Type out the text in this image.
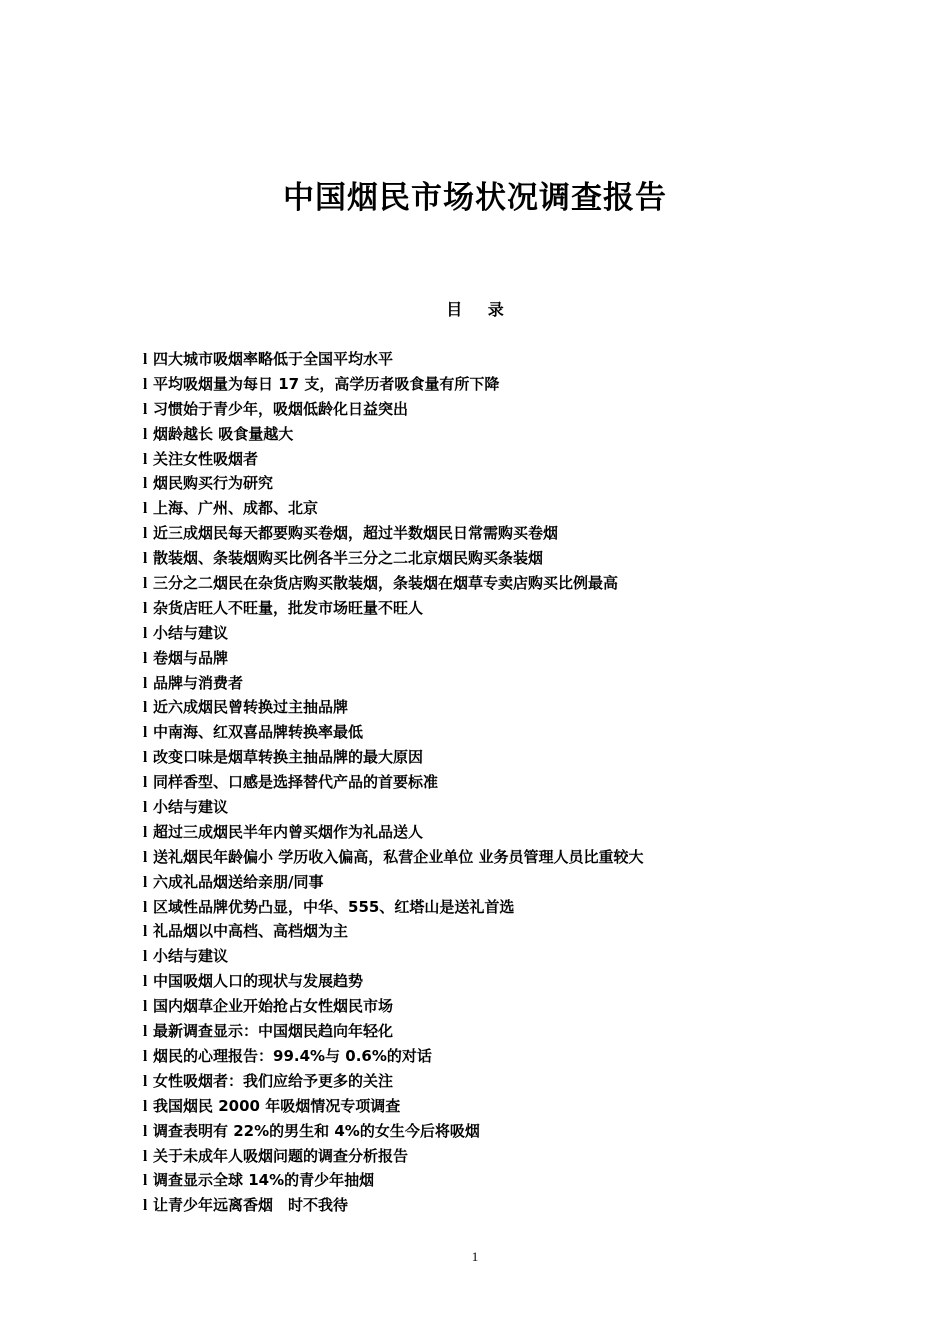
中国烟民市场状况调查报告
目 录
l 四大城市吸烟率略低于全国平均水平
l 平均吸烟量为每日 17 支，高学历者吸食量有所下降
l 习惯始于青少年，吸烟低龄化日益突出
l 烟龄越长 吸食量越大
l 关注女性吸烟者
l 烟民购买行为研究
l 上海、广州、成都、北京
l 近三成烟民每天都要购买卷烟，超过半数烟民日常需购买卷烟
l 散装烟、条装烟购买比例各半三分之二北京烟民购买条装烟
l 三分之二烟民在杂货店购买散装烟，条装烟在烟草专卖店购买比例最高
l 杂货店旺人不旺量，批发市场旺量不旺人
l 小结与建议
l 卷烟与品牌
l 品牌与消费者
l 近六成烟民曾转换过主抽品牌
l 中南海、红双喜品牌转换率最低
l 改变口味是烟草转换主抽品牌的最大原因
l 同样香型、口感是选择替代产品的首要标准
l 小结与建议
l 超过三成烟民半年内曾买烟作为礼品送人
l 送礼烟民年龄偏小 学历收入偏高，私营企业单位 业务员管理人员比重较大
l 六成礼品烟送给亲朋/同事
l 区域性品牌优势凸显，中华、555、红塔山是送礼首选
l 礼品烟以中高档、高档烟为主
l 小结与建议
l 中国吸烟人口的现状与发展趋势
l 国内烟草企业开始抢占女性烟民市场
l 最新调查显示：中国烟民趋向年轻化
l 烟民的心理报告：99.4%与 0.6%的对话
l 女性吸烟者：我们应给予更多的关注
l 我国烟民 2000 年吸烟情况专项调查
l 调查表明有 22%的男生和 4%的女生今后将吸烟
l 关于未成年人吸烟问题的调查分析报告
l 调查显示全球 14%的青少年抽烟
l 让青少年远离香烟　时不我待
1
